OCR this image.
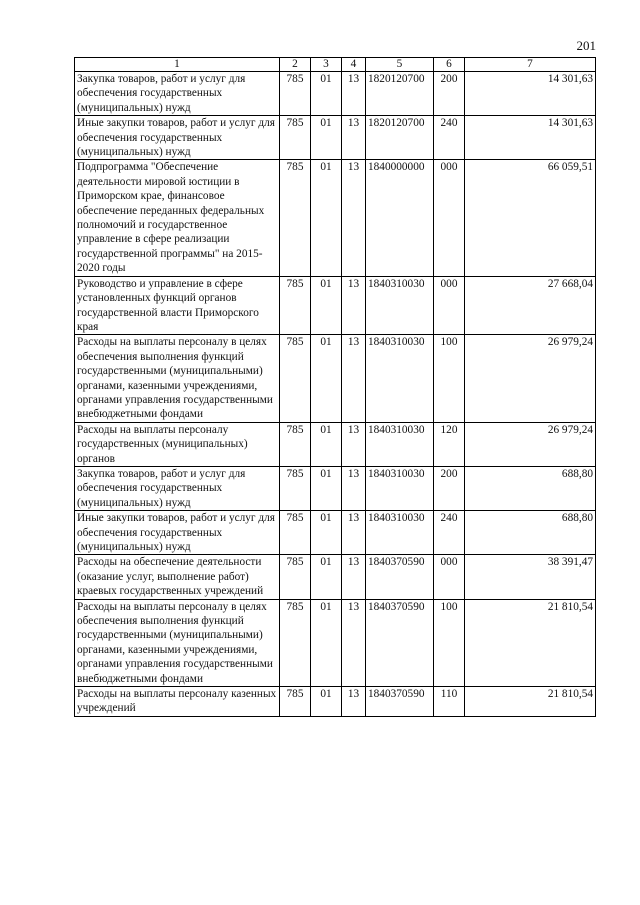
201
1	2	3	4	5	6	7
Закупка товаров, работ и услуг для обеспечения государственных (муниципальных) нужд	785	01	13	1820120700	200	14 301,63
Иные закупки товаров, работ и услуг для обеспечения государственных (муниципальных) нужд	785	01	13	1820120700	240	14 301,63
Подпрограмма "Обеспечение деятельности мировой юстиции в Приморском крае, финансовое обеспечение переданных федеральных полномочий и государственное управление в сфере реализации государственной программы" на 2015-2020 годы	785	01	13	1840000000	000	66 059,51
Руководство и управление в сфере установленных функций органов государственной власти Приморского края	785	01	13	1840310030	000	27 668,04
Расходы на выплаты персоналу в целях обеспечения выполнения функций государственными (муниципальными) органами, казенными учреждениями, органами управления государственными внебюджетными фондами	785	01	13	1840310030	100	26 979,24
Расходы на выплаты персоналу государственных (муниципальных) органов	785	01	13	1840310030	120	26 979,24
Закупка товаров, работ и услуг для обеспечения государственных (муниципальных) нужд	785	01	13	1840310030	200	688,80
Иные закупки товаров, работ и услуг для обеспечения государственных (муниципальных) нужд	785	01	13	1840310030	240	688,80
Расходы на обеспечение деятельности (оказание услуг, выполнение работ) краевых государственных учреждений	785	01	13	1840370590	000	38 391,47
Расходы на выплаты персоналу в целях обеспечения выполнения функций государственными (муниципальными) органами, казенными учреждениями, органами управления государственными внебюджетными фондами	785	01	13	1840370590	100	21 810,54
Расходы на выплаты персоналу казенных учреждений	785	01	13	1840370590	110	21 810,54
